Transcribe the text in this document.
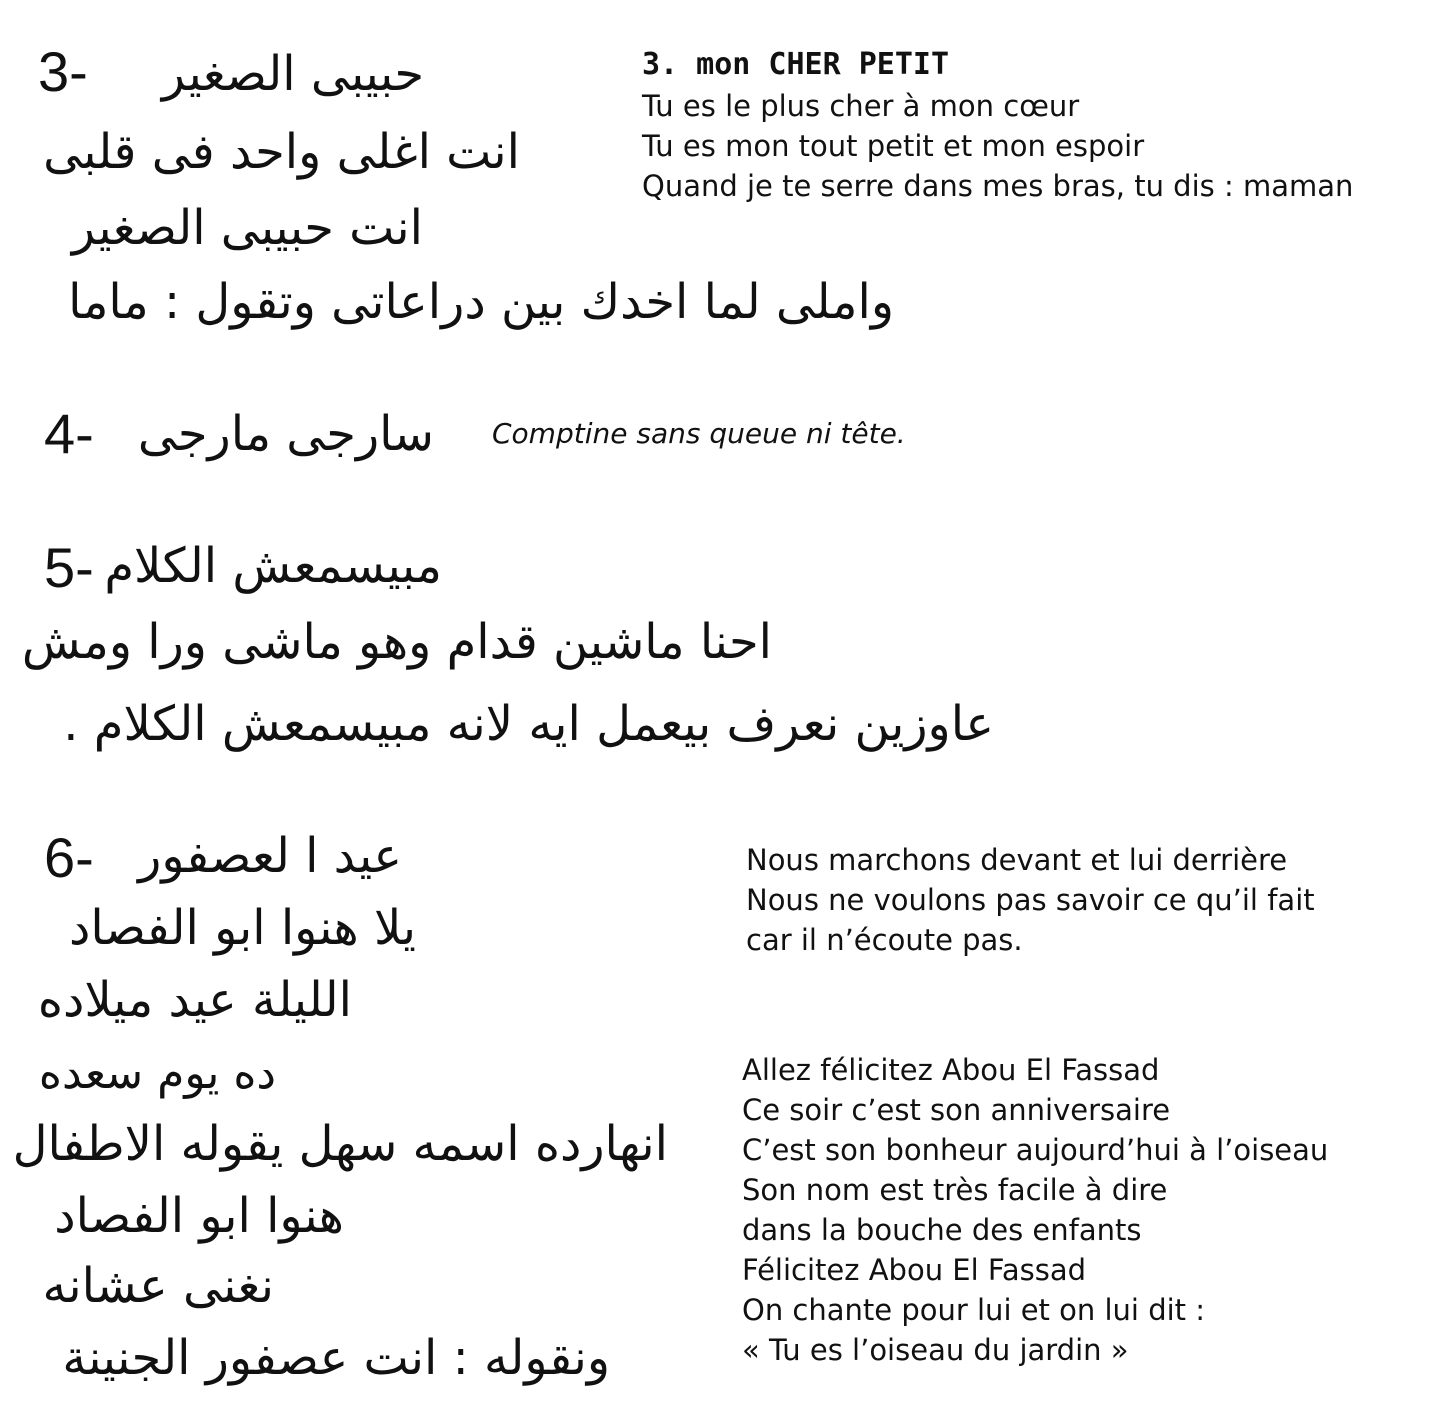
3-	حبيبى الصغير
انت اغلى واحد فى قلبى
انت حبيبى الصغير
واملى لما اخدك بين دراعاتى وتقول : ماما
3. mon CHER PETIT
Tu es le plus cher à mon cœur
Tu es mon tout petit et mon espoir
Quand je te serre dans mes bras, tu dis : maman
4- سارجى مارجى Comptine sans queue ni tête.
5- مبيسمعش الكلام
احنا ماشين قدام وهو ماشى ورا ومش
عاوزين نعرف بيعمل ايه لانه مبيسمعش الكلام .
6- عيد ا لعصفور
يلا هنوا ابو الفصاد
الليلة عيد ميلاده
ده يوم سعده
انهارده اسمه سهل يقوله الاطفال
هنوا ابو الفصاد
نغنى عشانه
ونقوله : انت عصفور الجنينة
Nous marchons devant et lui derrière
Nous ne voulons pas savoir ce qu’il fait
car il n’écoute pas.
Allez félicitez Abou El Fassad
Ce soir c’est son anniversaire
C’est son bonheur aujourd’hui à l’oiseau
Son nom est très facile à dire
dans la bouche des enfants
Félicitez Abou El Fassad
On chante pour lui et on lui dit :
« Tu es l’oiseau du jardin »
